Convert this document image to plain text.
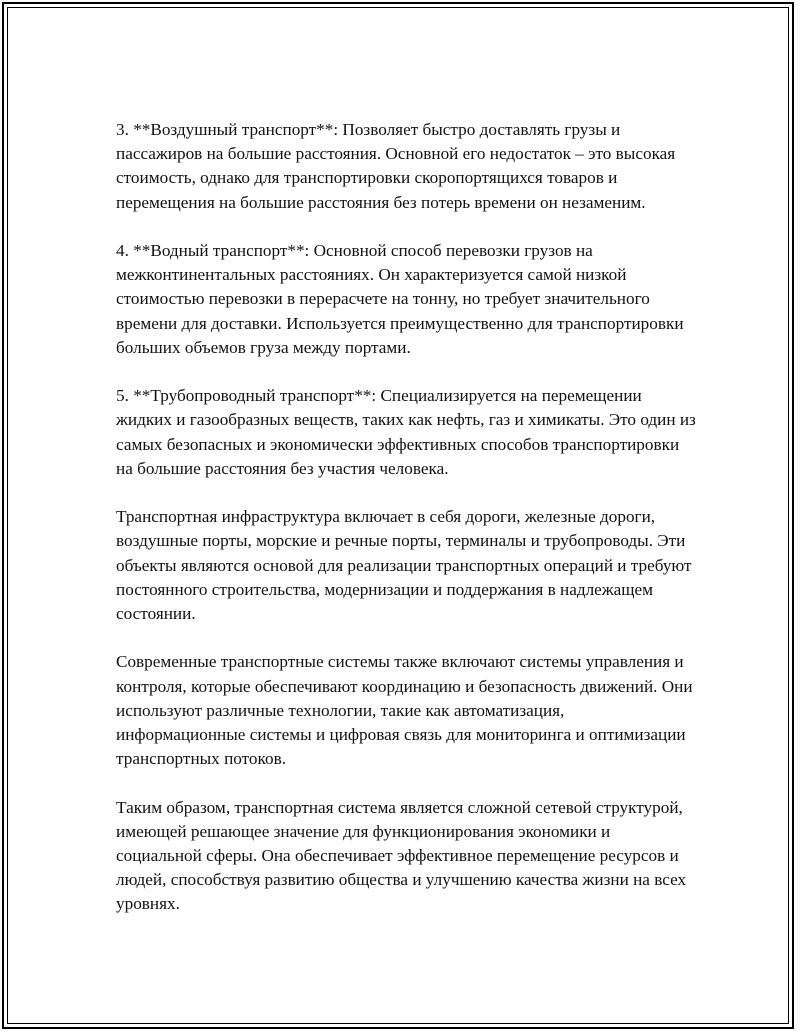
3. **Воздушный транспорт**: Позволяет быстро доставлять грузы и пассажиров на большие расстояния. Основной его недостаток – это высокая стоимость, однако для транспортировки скоропортящихся товаров и перемещения на большие расстояния без потерь времени он незаменим.

4. **Водный транспорт**: Основной способ перевозки грузов на межконтинентальных расстояниях. Он характеризуется самой низкой стоимостью перевозки в перерасчете на тонну, но требует значительного времени для доставки. Используется преимущественно для транспортировки больших объемов груза между портами.

5. **Трубопроводный транспорт**: Специализируется на перемещении жидких и газообразных веществ, таких как нефть, газ и химикаты. Это один из самых безопасных и экономически эффективных способов транспортировки на большие расстояния без участия человека.

Транспортная инфраструктура включает в себя дороги, железные дороги, воздушные порты, морские и речные порты, терминалы и трубопроводы. Эти объекты являются основой для реализации транспортных операций и требуют постоянного строительства, модернизации и поддержания в надлежащем состоянии.

Современные транспортные системы также включают системы управления и контроля, которые обеспечивают координацию и безопасность движений. Они используют различные технологии, такие как автоматизация, информационные системы и цифровая связь для мониторинга и оптимизации транспортных потоков.

Таким образом, транспортная система является сложной сетевой структурой, имеющей решающее значение для функционирования экономики и социальной сферы. Она обеспечивает эффективное перемещение ресурсов и людей, способствуя развитию общества и улучшению качества жизни на всех уровнях.
